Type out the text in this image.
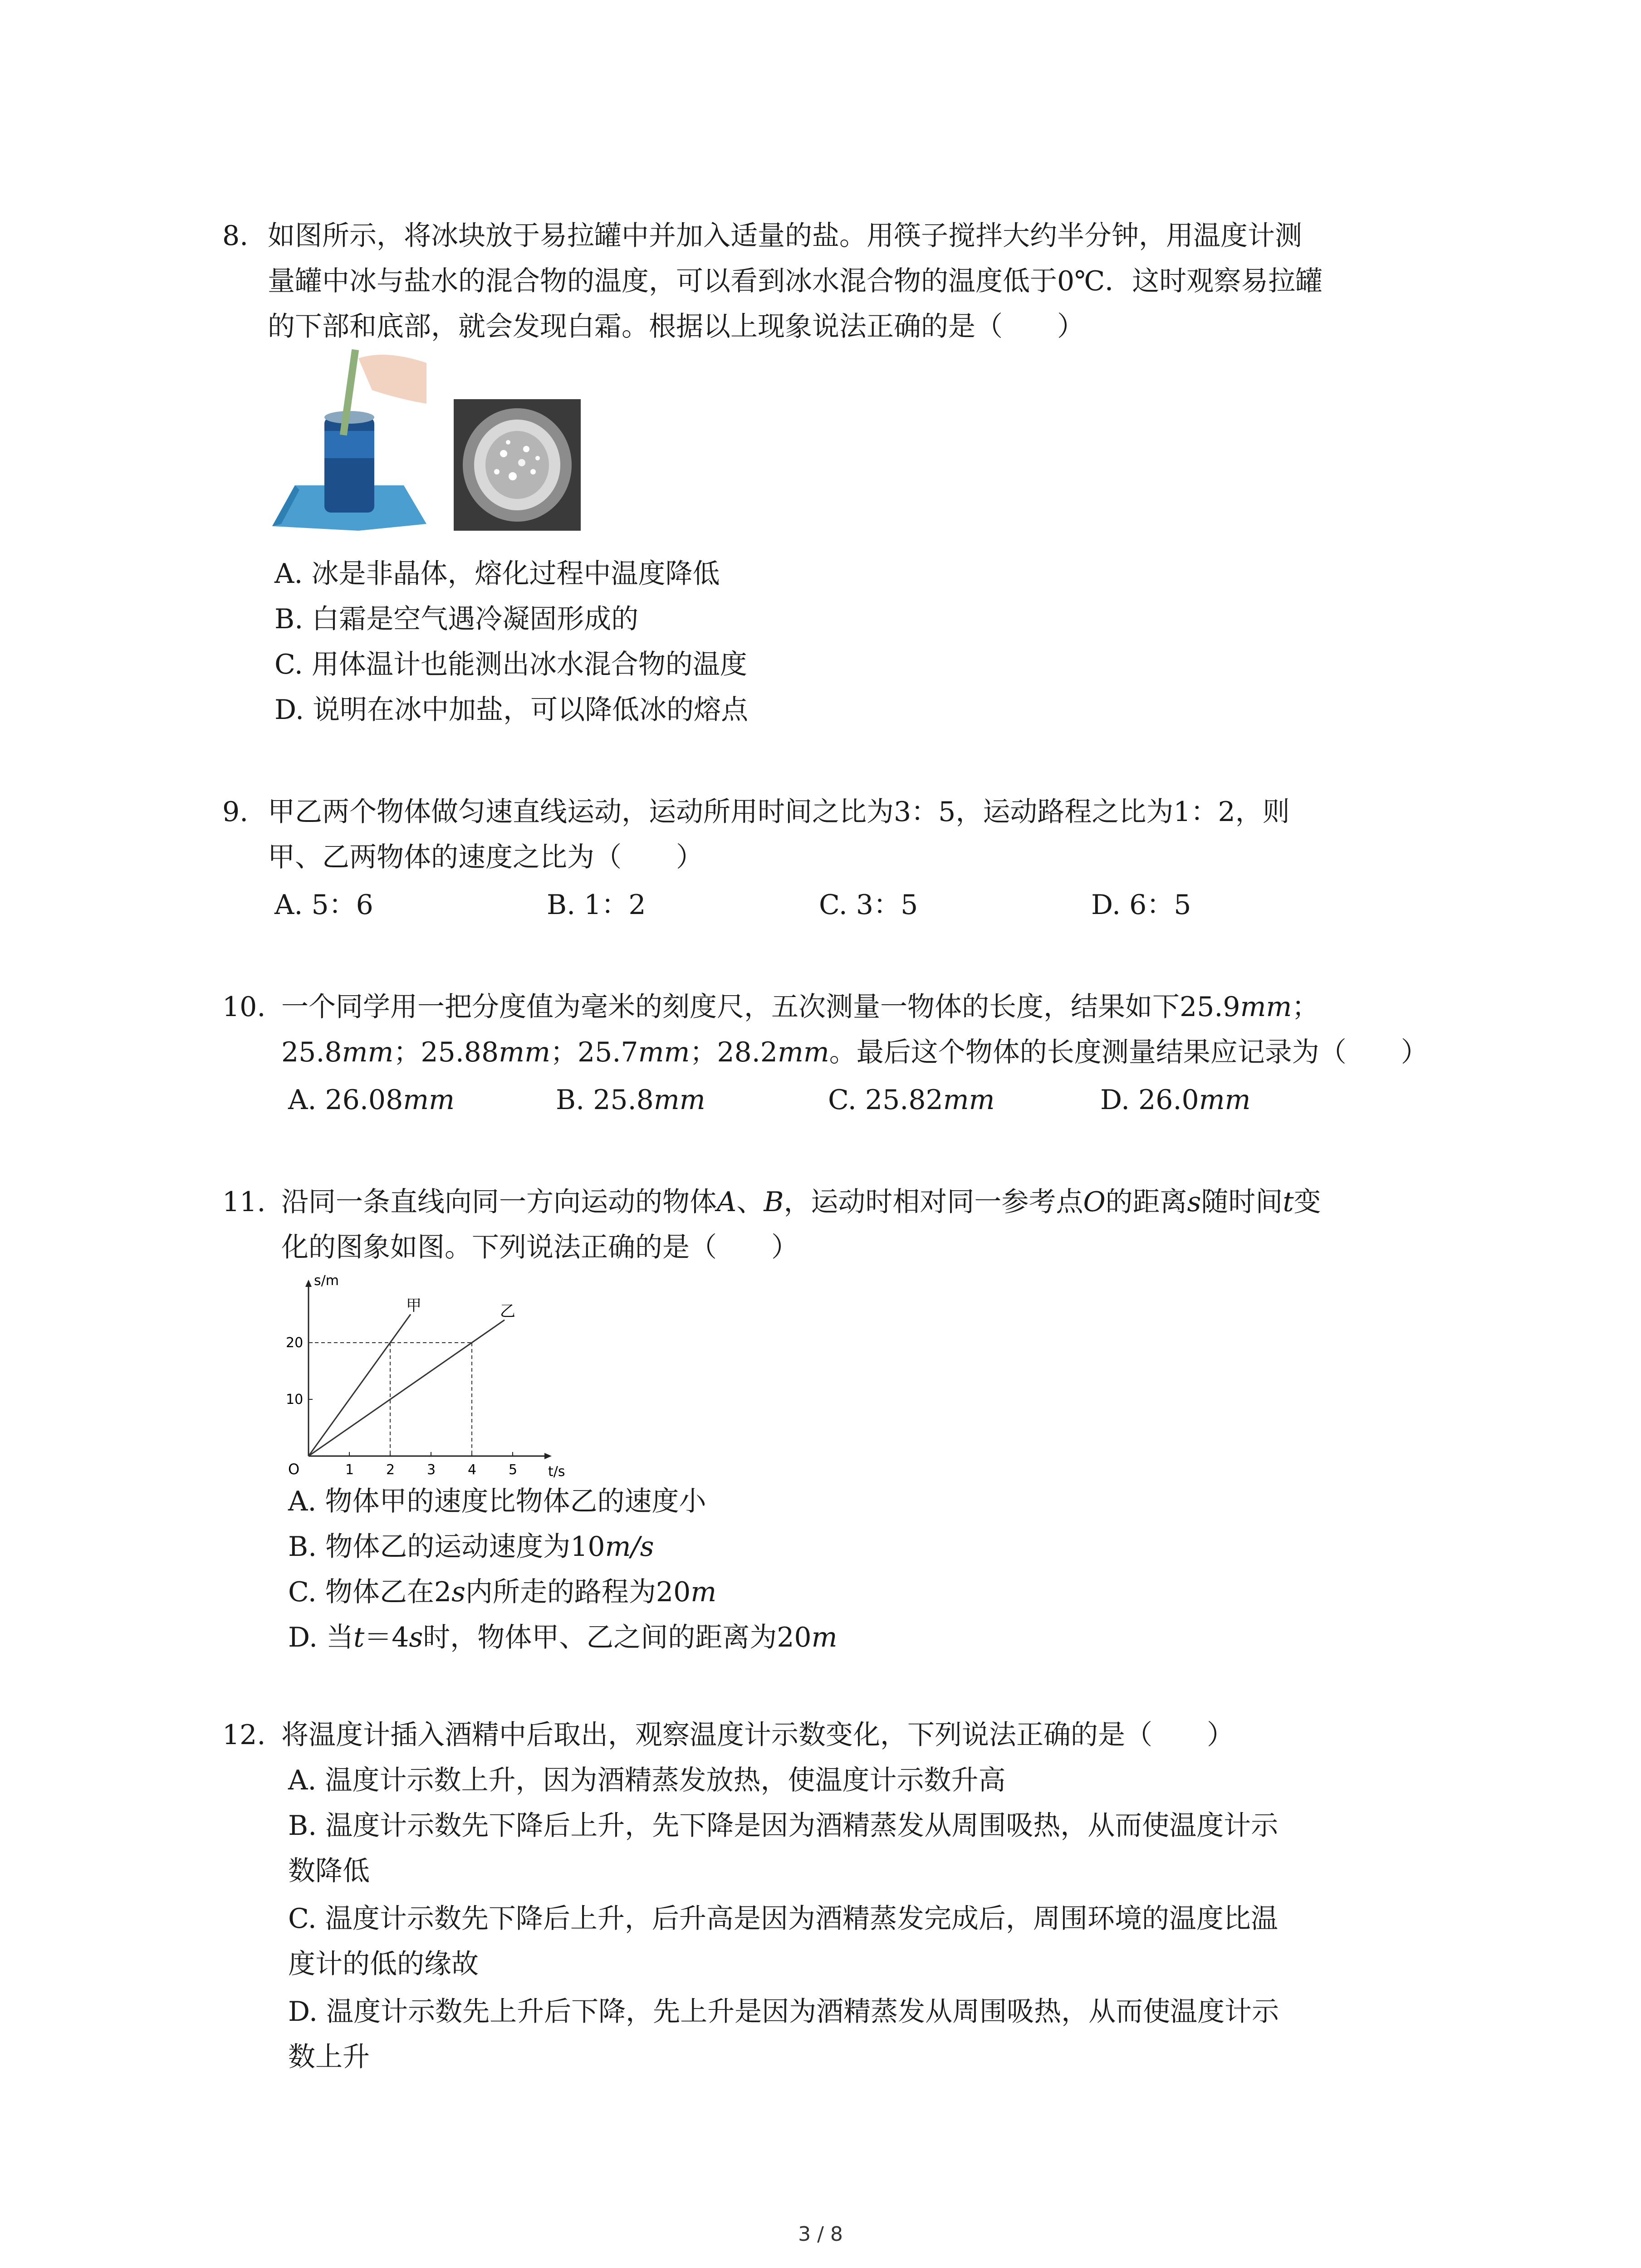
8. 如图所示，将冰块放于易拉罐中并加入适量的盐。用筷子搅拌大约半分钟，用温度计测
量罐中冰与盐水的混合物的温度，可以看到冰水混合物的温度低于0℃．这时观察易拉罐
的下部和底部，就会发现白霜。根据以上现象说法正确的是（　　）
A. 冰是非晶体，熔化过程中温度降低
B. 白霜是空气遇冷凝固形成的
C. 用体温计也能测出冰水混合物的温度
D. 说明在冰中加盐，可以降低冰的熔点
9. 甲乙两个物体做匀速直线运动，运动所用时间之比为3：5，运动路程之比为1：2，则
甲、乙两物体的速度之比为（　　）
A. 5：6	B. 1：2	C. 3：5	D. 6：5
10. 一个同学用一把分度值为毫米的刻度尺，五次测量一物体的长度，结果如下25.9mm；
25.8mm；25.88mm；25.7mm；28.2mm。最后这个物体的长度测量结果应记录为（　　）
A. 26.08mm	B. 25.8mm	C. 25.82mm	D. 26.0mm
11. 沿同一条直线向同一方向运动的物体A、B，运动时相对同一参考点O的距离s随时间t变
化的图象如图。下列说法正确的是（　　）
s/m
t/s
O	1 2 3 4 5
10
20
甲	乙
A. 物体甲的速度比物体乙的速度小
B. 物体乙的运动速度为10m/s
C. 物体乙在2s内所走的路程为20m
D. 当t＝4s时，物体甲、乙之间的距离为20m
12. 将温度计插入酒精中后取出，观察温度计示数变化，下列说法正确的是（　　）
A. 温度计示数上升，因为酒精蒸发放热，使温度计示数升高
B. 温度计示数先下降后上升，先下降是因为酒精蒸发从周围吸热，从而使温度计示
数降低
C. 温度计示数先下降后上升，后升高是因为酒精蒸发完成后，周围环境的温度比温
度计的低的缘故
D. 温度计示数先上升后下降，先上升是因为酒精蒸发从周围吸热，从而使温度计示
数上升
3 / 8
